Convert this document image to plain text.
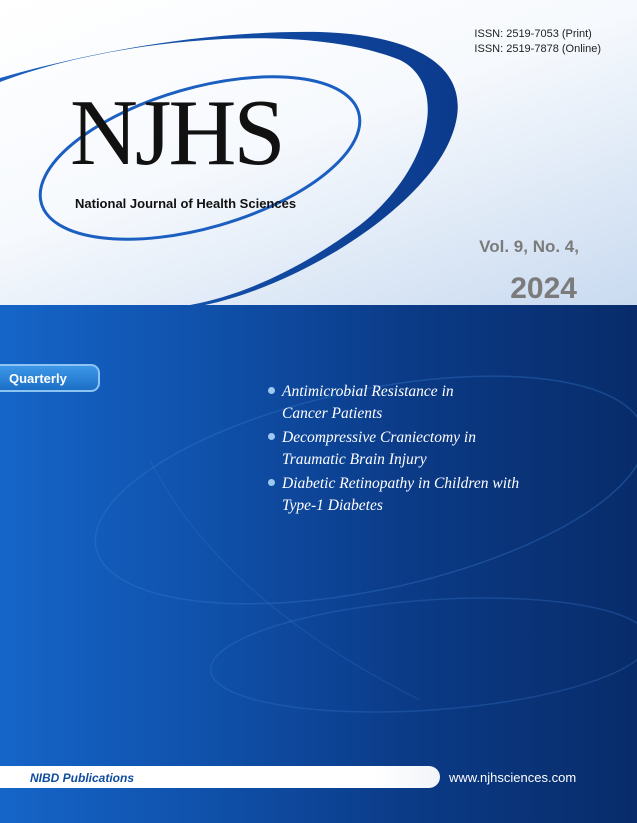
ISSN: 2519-7053 (Print)
ISSN: 2519-7878 (Online)
NJHS
National Journal of Health Sciences
Vol. 9, No. 4,
2024
Quarterly
Antimicrobial Resistance in
Cancer Patients
Decompressive Craniectomy in
Traumatic Brain Injury
Diabetic Retinopathy in Children with
Type-1 Diabetes
NIBD Publications	www.njhsciences.com
